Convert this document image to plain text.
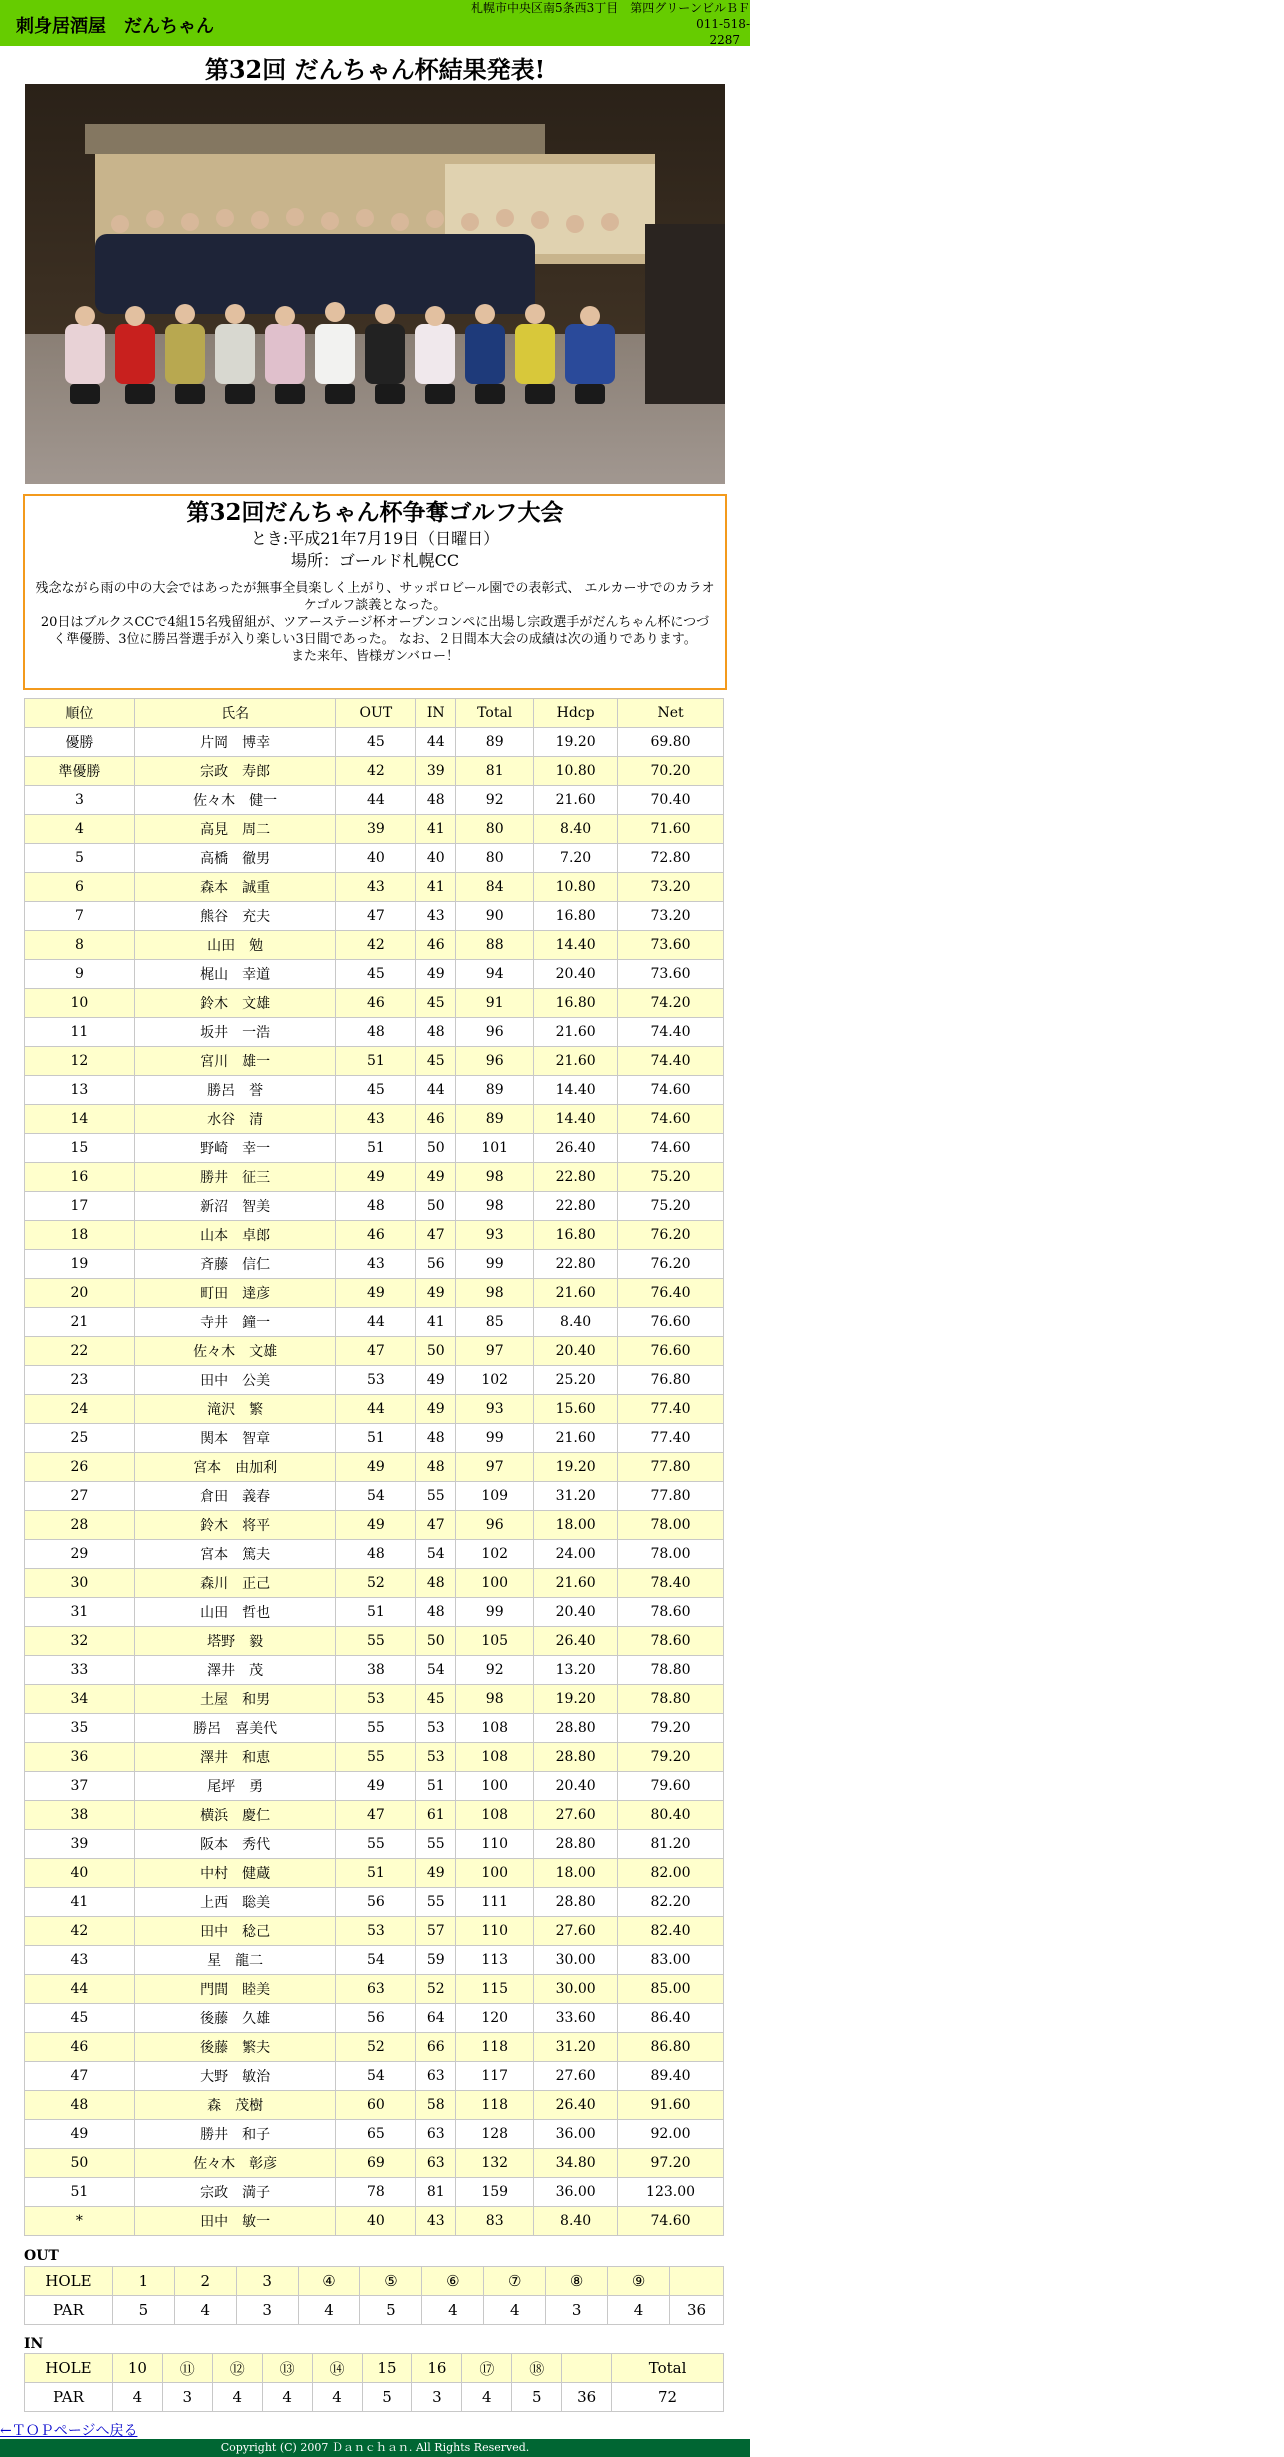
刺身居酒屋　だんちゃん
札幌市中央区南5条西3丁目　第四グリーンビルＢＦ
011-518-
2287
第32回 だんちゃん杯結果発表!
第32回だんちゃん杯争奪ゴルフ大会
とき:平成21年7月19日（日曜日）
場所：ゴールド札幌CC

残念ながら雨の中の大会ではあったが無事全員楽しく上がり、サッポロビール園での表彰式、 エルカーサでのカラオケゴルフ談義となった。

20日はブルクスCCで4組15名残留組が、ツアーステージ杯オープンコンペに出場し宗政選手がだんちゃん杯につづく準優勝、3位に勝呂誉選手が入り楽しい3日間であった。 なお、２日間本大会の成績は次の通りであります。

また来年、皆様ガンバロー！

順位	氏名	OUT	IN	Total	Hdcp	Net
優勝	片岡　博幸	45	44	89	19.20	69.80
準優勝	宗政　寿郎	42	39	81	10.80	70.20
3	佐々木　健一	44	48	92	21.60	70.40
4	高見　周二	39	41	80	8.40	71.60
5	高橋　徹男	40	40	80	7.20	72.80
6	森本　誠重	43	41	84	10.80	73.20
7	熊谷　充夫	47	43	90	16.80	73.20
8	山田　勉	42	46	88	14.40	73.60
9	梶山　幸道	45	49	94	20.40	73.60
10	鈴木　文雄	46	45	91	16.80	74.20
11	坂井　一浩	48	48	96	21.60	74.40
12	宮川　雄一	51	45	96	21.60	74.40
13	勝呂　誉	45	44	89	14.40	74.60
14	水谷　清	43	46	89	14.40	74.60
15	野崎　幸一	51	50	101	26.40	74.60
16	勝井　征三	49	49	98	22.80	75.20
17	新沼　智美	48	50	98	22.80	75.20
18	山本　卓郎	46	47	93	16.80	76.20
19	斉藤　信仁	43	56	99	22.80	76.20
20	町田　達彦	49	49	98	21.60	76.40
21	寺井　鐘一	44	41	85	8.40	76.60
22	佐々木　文雄	47	50	97	20.40	76.60
23	田中　公美	53	49	102	25.20	76.80
24	滝沢　繁	44	49	93	15.60	77.40
25	関本　智章	51	48	99	21.60	77.40
26	宮本　由加利	49	48	97	19.20	77.80
27	倉田　義春	54	55	109	31.20	77.80
28	鈴木　将平	49	47	96	18.00	78.00
29	宮本　篤夫	48	54	102	24.00	78.00
30	森川　正己	52	48	100	21.60	78.40
31	山田　哲也	51	48	99	20.40	78.60
32	塔野　毅	55	50	105	26.40	78.60
33	澤井　茂	38	54	92	13.20	78.80
34	土屋　和男	53	45	98	19.20	78.80
35	勝呂　喜美代	55	53	108	28.80	79.20
36	澤井　和恵	55	53	108	28.80	79.20
37	尾坪　勇	49	51	100	20.40	79.60
38	横浜　慶仁	47	61	108	27.60	80.40
39	阪本　秀代	55	55	110	28.80	81.20
40	中村　健蔵	51	49	100	18.00	82.00
41	上西　聡美	56	55	111	28.80	82.20
42	田中　稔己	53	57	110	27.60	82.40
43	星　龍二	54	59	113	30.00	83.00
44	門間　睦美	63	52	115	30.00	85.00
45	後藤　久雄	56	64	120	33.60	86.40
46	後藤　繁夫	52	66	118	31.20	86.80
47	大野　敏治	54	63	117	27.60	89.40
48	森　茂樹	60	58	118	26.40	91.60
49	勝井　和子	65	63	128	36.00	92.00
50	佐々木　彰彦	69	63	132	34.80	97.20
51	宗政　満子	78	81	159	36.00	123.00
*	田中　敏一	40	43	83	8.40	74.60
OUT
HOLE	1	2	3	④	⑤	⑥	⑦	⑧	⑨	
PAR	5	4	3	4	5	4	4	3	4	36
IN
HOLE	10	⑪	⑫	⑬	⑭	15	16	⑰	⑱		Total
PAR	4	3	4	4	4	5	3	4	5	36	72
←ＴＯＰページへ戻る
Copyright (C) 2007 Ｄａｎｃｈａｎ. All Rights Reserved.
